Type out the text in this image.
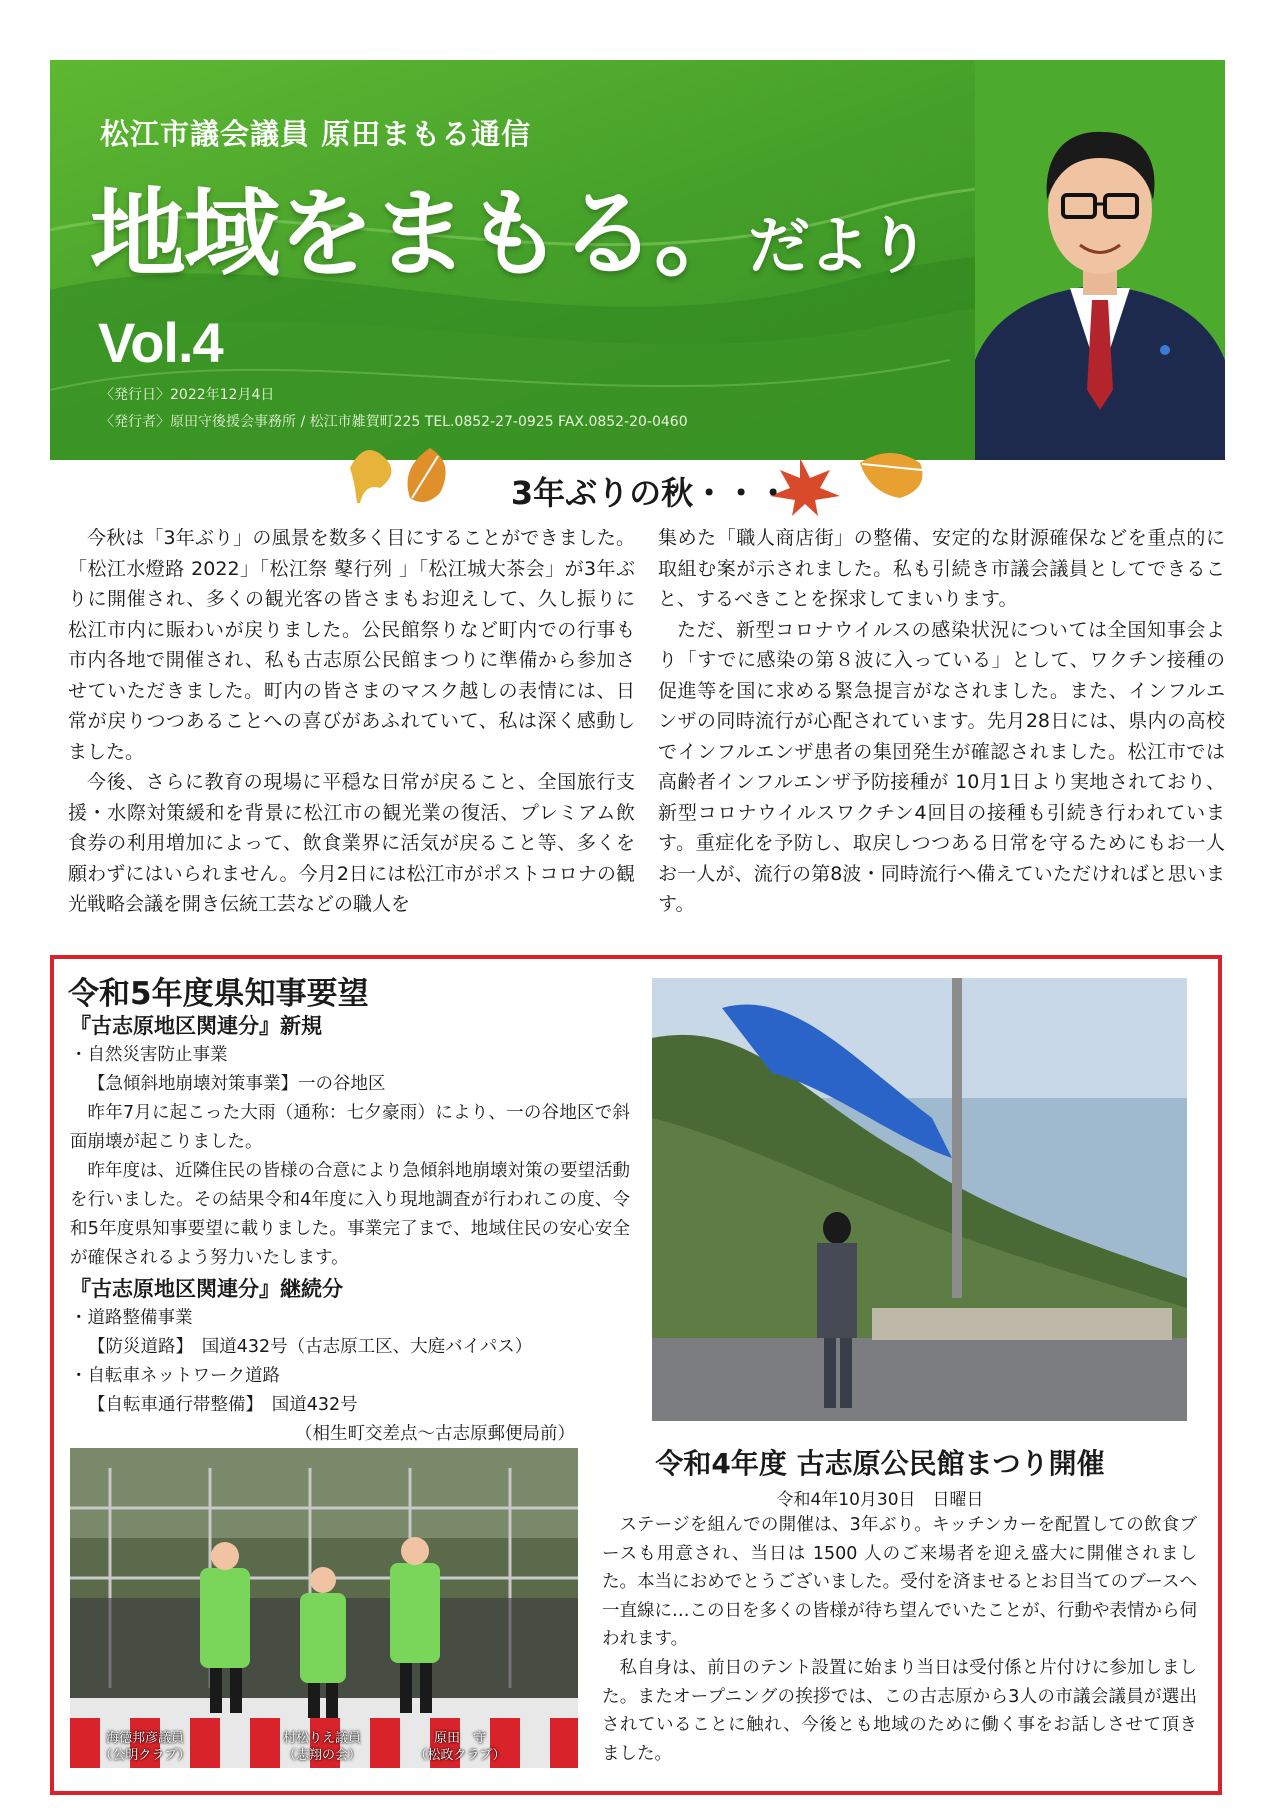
松江市議会議員 原田まもる通信
地域をまもる。だより
Vol.4
〈発行日〉2022年12月4日
〈発行者〉原田守後援会事務所 / 松江市雑賀町225 TEL.0852-27-0925 FAX.0852-20-0460
3年ぶりの秋・・・

今秋は「3年ぶり」の風景を数多く目にすることができました。「松江水燈路 2022」「松江祭 鼕行列 」「松江城大茶会」が3年ぶりに開催され、多くの観光客の皆さまもお迎えして、久し振りに松江市内に賑わいが戻りました。公民館祭りなど町内での行事も市内各地で開催され、私も古志原公民館まつりに準備から参加させていただきました。町内の皆さまのマスク越しの表情には、日常が戻りつつあることへの喜びがあふれていて、私は深く感動しました。

今後、さらに教育の現場に平穏な日常が戻ること、全国旅行支援・水際対策緩和を背景に松江市の観光業の復活、プレミアム飲食券の利用増加によって、飲食業界に活気が戻ること等、多くを願わずにはいられません。今月2日には松江市がポストコロナの観光戦略会議を開き伝統工芸などの職人を

集めた「職人商店街」の整備、安定的な財源確保などを重点的に取組む案が示されました。私も引続き市議会議員としてできること、するべきことを探求してまいります。

ただ、新型コロナウイルスの感染状況については全国知事会より「すでに感染の第８波に入っている」として、ワクチン接種の促進等を国に求める緊急提言がなされました。また、インフルエンザの同時流行が心配されています。先月28日には、県内の高校でインフルエンザ患者の集団発生が確認されました。松江市では高齢者インフルエンザ予防接種が 10月1日より実地されており、新型コロナウイルスワクチン4回目の接種も引続き行われています。重症化を予防し、取戻しつつある日常を守るためにもお一人お一人が、流行の第8波・同時流行へ備えていただければと思います。

令和5年度県知事要望
『古志原地区関連分』新規
・自然災害防止事業
【急傾斜地崩壊対策事業】一の谷地区
昨年7月に起こった大雨（通称：七夕豪雨）により、一の谷地区で斜面崩壊が起こりました。
昨年度は、近隣住民の皆様の合意により急傾斜地崩壊対策の要望活動を行いました。その結果令和4年度に入り現地調査が行われこの度、令和5年度県知事要望に載りました。事業完了まで、地域住民の安心安全が確保されるよう努力いたします。
『古志原地区関連分』継続分
・道路整備事業
【防災道路】　国道432号（古志原工区、大庭バイパス）
・自転車ネットワーク道路
【自転車通行帯整備】　国道432号
（相生町交差点～古志原郵便局前）
海徳邦彦議員
（公明クラブ）
村松りえ議員
（志翔の会）
原田　守
（松政クラブ）
令和4年度 古志原公民館まつり開催
令和4年10月30日　日曜日

ステージを組んでの開催は、3年ぶり。キッチンカーを配置しての飲食ブースも用意され、当日は 1500 人のご来場者を迎え盛大に開催されました。本当におめでとうございました。受付を済ませるとお目当てのブースへ一直線に…この日を多くの皆様が待ち望んでいたことが、行動や表情から伺われます。

私自身は、前日のテント設置に始まり当日は受付係と片付けに参加しました。またオープニングの挨拶では、この古志原から3人の市議会議員が選出されていることに触れ、今後とも地域のために働く事をお話しさせて頂きました。
